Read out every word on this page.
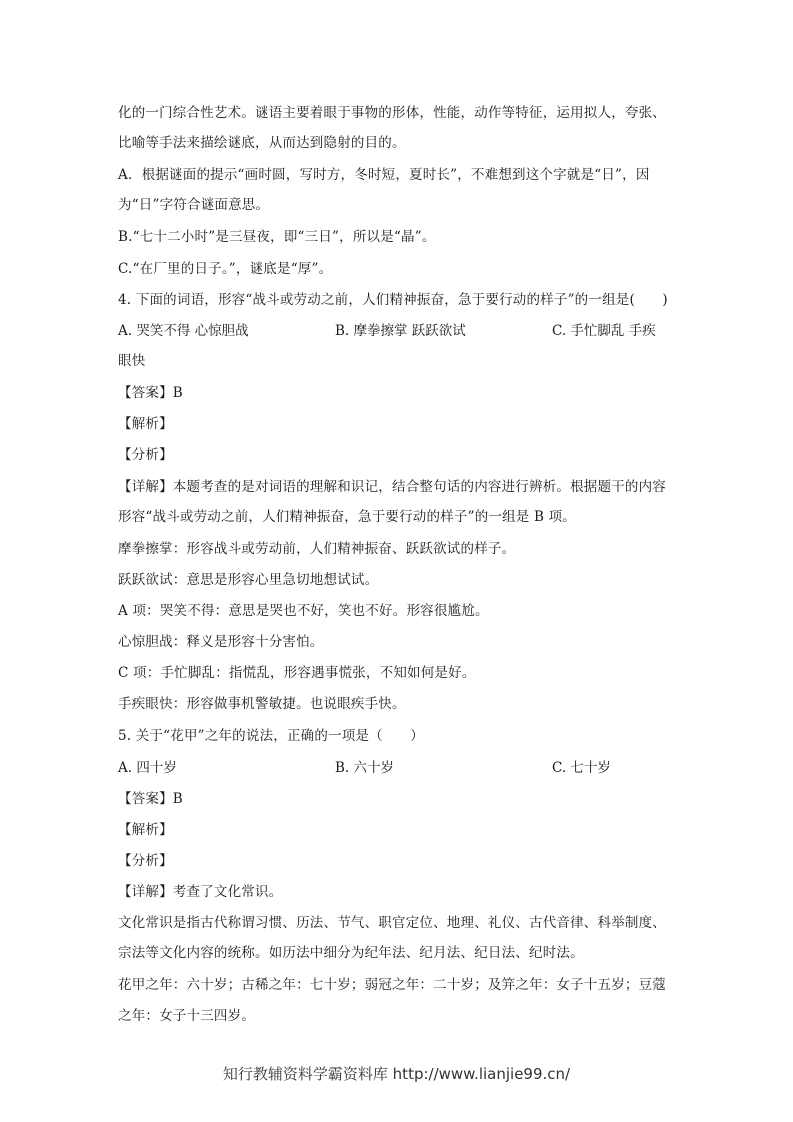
化的一门综合性艺术。谜语主要着眼于事物的形体，性能，动作等特征，运用拟人，夸张、
比喻等手法来描绘谜底，从而达到隐射的目的。
A．根据谜面的提示“画时圆，写时方，冬时短，夏时长”，不难想到这个字就是“日”，因
为“日”字符合谜面意思。
B.“七十二小时”是三昼夜，即“三日”，所以是“晶”。
C.“在厂里的日子。”，谜底是“厚”。
4. 下面的词语，形容“战斗或劳动之前，人们精神振奋，急于要行动的样子”的一组是(　　)
A. 哭笑不得 心惊胆战	B. 摩拳擦掌 跃跃欲试	C. 手忙脚乱 手疾
眼快
【答案】B
【解析】
【分析】
【详解】本题考查的是对词语的理解和识记，结合整句话的内容进行辨析。根据题干的内容
形容“战斗或劳动之前，人们精神振奋，急于要行动的样子”的一组是 B 项。
摩拳擦掌：形容战斗或劳动前，人们精神振奋、跃跃欲试的样子。
跃跃欲试：意思是形容心里急切地想试试。
A 项：哭笑不得：意思是哭也不好，笑也不好。形容很尴尬。
心惊胆战：释义是形容十分害怕。
C 项：手忙脚乱：指慌乱，形容遇事慌张，不知如何是好。
手疾眼快：形容做事机警敏捷。也说眼疾手快。
5. 关于“花甲”之年的说法，正确的一项是（　　）
A. 四十岁	B. 六十岁	C. 七十岁
【答案】B
【解析】
【分析】
【详解】考查了文化常识。
文化常识是指古代称谓习惯、历法、节气、职官定位、地理、礼仪、古代音律、科举制度、
宗法等文化内容的统称。如历法中细分为纪年法、纪月法、纪日法、纪时法。
花甲之年：六十岁；古稀之年：七十岁；弱冠之年：二十岁；及笄之年：女子十五岁；豆蔻
之年：女子十三四岁。
知行教辅资料学霸资料库 http://www.lianjie99.cn/
